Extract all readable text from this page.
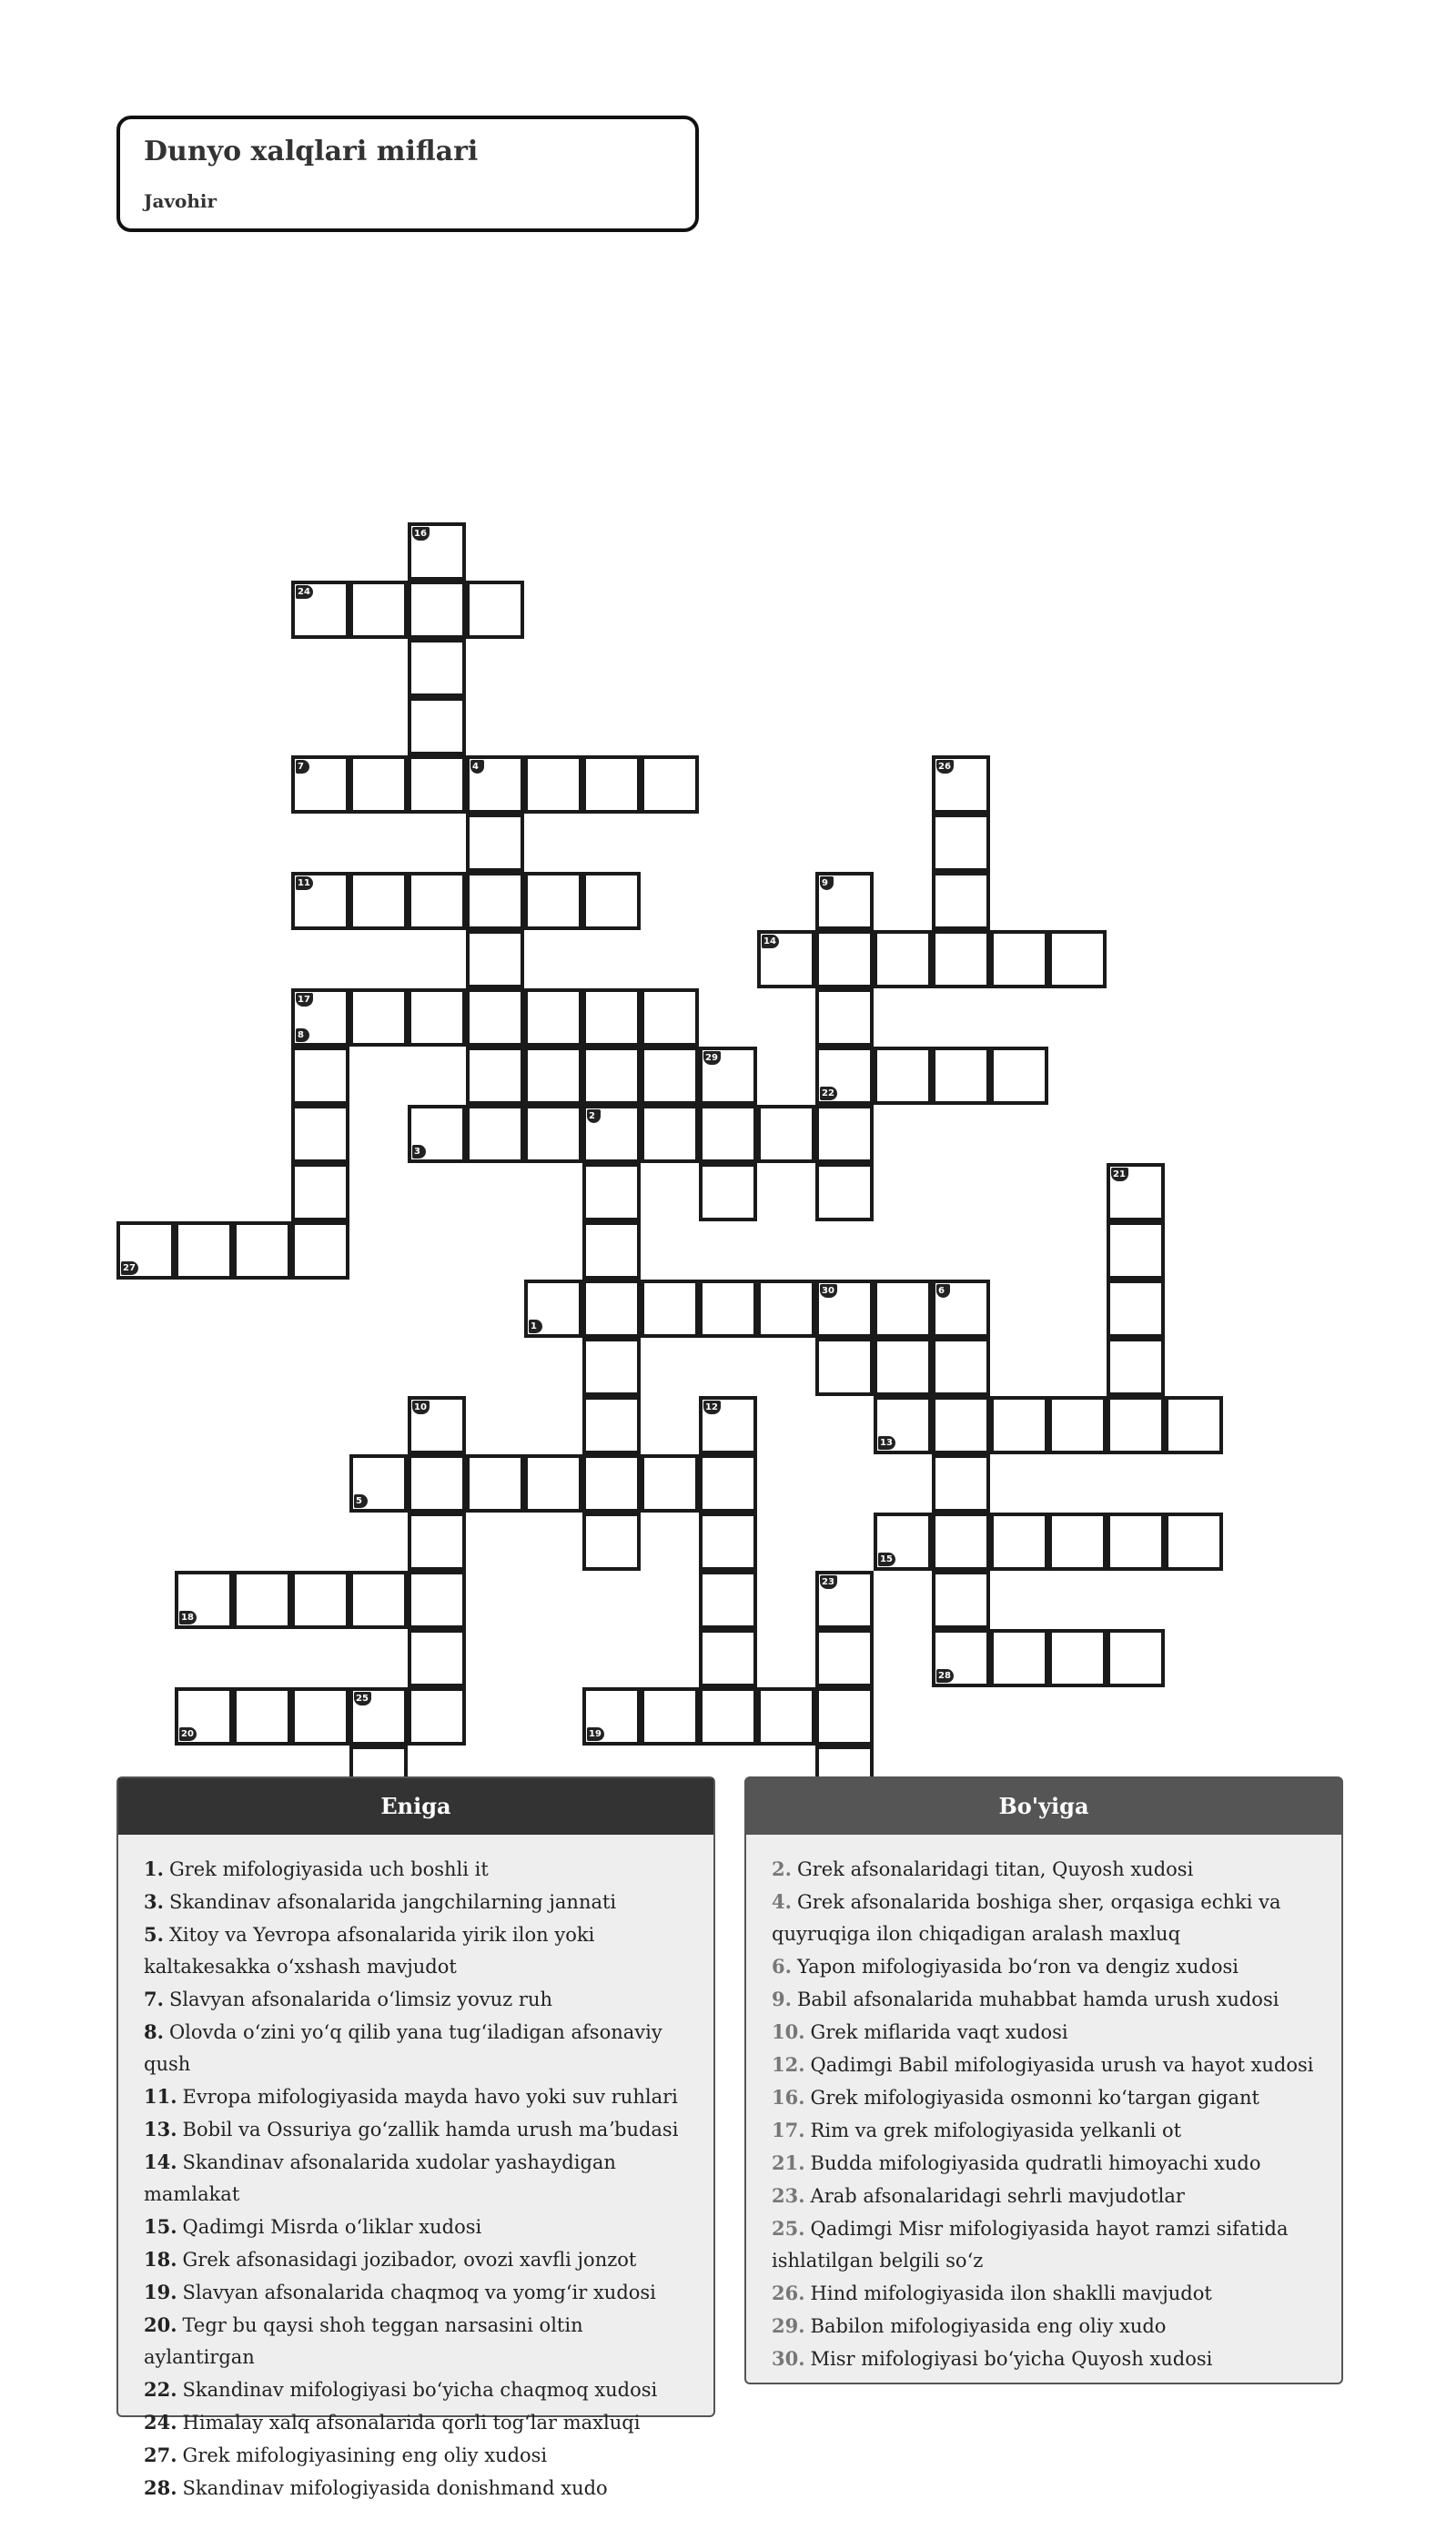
Dunyo xalqlari miflari
Javohir
16
24
7	4	26
11	9
14
17
8
29
22
3
2
21
27
1
30	6
10	12
13
5
15
18
23
28
20
25
19
Eniga
1. Grek mifologiyasida uch boshli it
3. Skandinav afsonalarida jangchilarning jannati
5. Xitoy va Yevropa afsonalarida yirik ilon yoki kaltakesakka oʻxshash mavjudot
7. Slavyan afsonalarida oʻlimsiz yovuz ruh
8. Olovda oʻzini yoʻq qilib yana tugʻiladigan afsonaviy qush
11. Evropa mifologiyasida mayda havo yoki suv ruhlari
13. Bobil va Ossuriya goʻzallik hamda urush maʼbudasi
14. Skandinav afsonalarida xudolar yashaydigan mamlakat
15. Qadimgi Misrda oʻliklar xudosi
18. Grek afsonasidagi jozibador, ovozi xavfli jonzot
19. Slavyan afsonalarida chaqmoq va yomgʻir xudosi
20. Tegr bu qaysi shoh teggan narsasini oltin aylantirgan
22. Skandinav mifologiyasi boʻyicha chaqmoq xudosi
24. Himalay xalq afsonalarida qorli togʻlar maxluqi
27. Grek mifologiyasining eng oliy xudosi
28. Skandinav mifologiyasida donishmand xudo
Bo'yiga
2. Grek afsonalaridagi titan, Quyosh xudosi
4. Grek afsonalarida boshiga sher, orqasiga echki va quyruqiga ilon chiqadigan aralash maxluq
6. Yapon mifologiyasida boʻron va dengiz xudosi
9. Babil afsonalarida muhabbat hamda urush xudosi
10. Grek miflarida vaqt xudosi
12. Qadimgi Babil mifologiyasida urush va hayot xudosi
16. Grek mifologiyasida osmonni koʻtargan gigant
17. Rim va grek mifologiyasida yelkanli ot
21. Budda mifologiyasida qudratli himoyachi xudo
23. Arab afsonalaridagi sehrli mavjudotlar
25. Qadimgi Misr mifologiyasida hayot ramzi sifatida ishlatilgan belgili soʻz
26. Hind mifologiyasida ilon shaklli mavjudot
29. Babilon mifologiyasida eng oliy xudo
30. Misr mifologiyasi boʻyicha Quyosh xudosi
